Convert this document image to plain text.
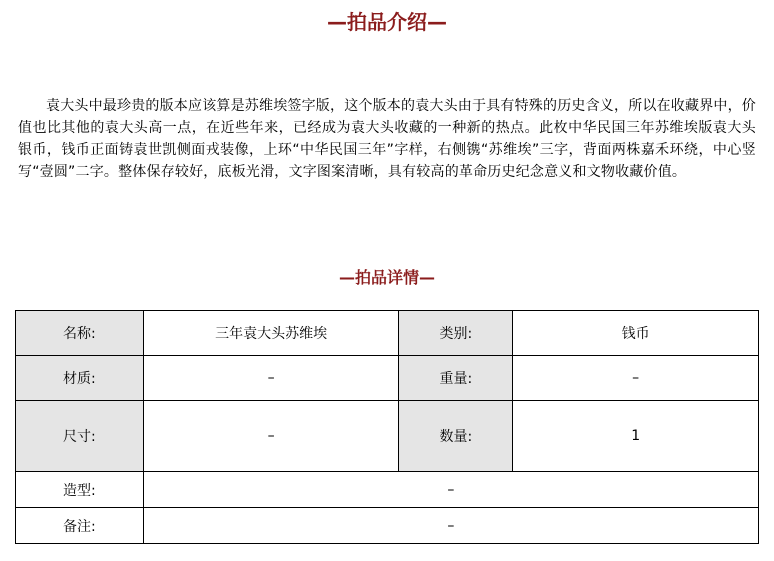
—拍品介绍—

袁大头中最珍贵的版本应该算是苏维埃签字版，这个版本的袁大头由于具有特殊的历史含义，所以在收藏界中，价值也比其他的袁大头高一点，在近些年来，已经成为袁大头收藏的一种新的热点。此枚中华民国三年苏维埃版袁大头银币，钱币正面铸袁世凯侧面戎装像，上环“中华民国三年”字样，右侧镌“苏维埃”三字，背面两株嘉禾环绕，中心竖写“壹圆”二字。整体保存较好，底板光滑，文字图案清晰，具有较高的革命历史纪念意义和文物收藏价值。

—拍品详情—
名称:	三年袁大头苏维埃	类别:	钱币
材质:	–	重量:	–
尺寸:	–	数量:	1
造型:	–		
备注:	–		
